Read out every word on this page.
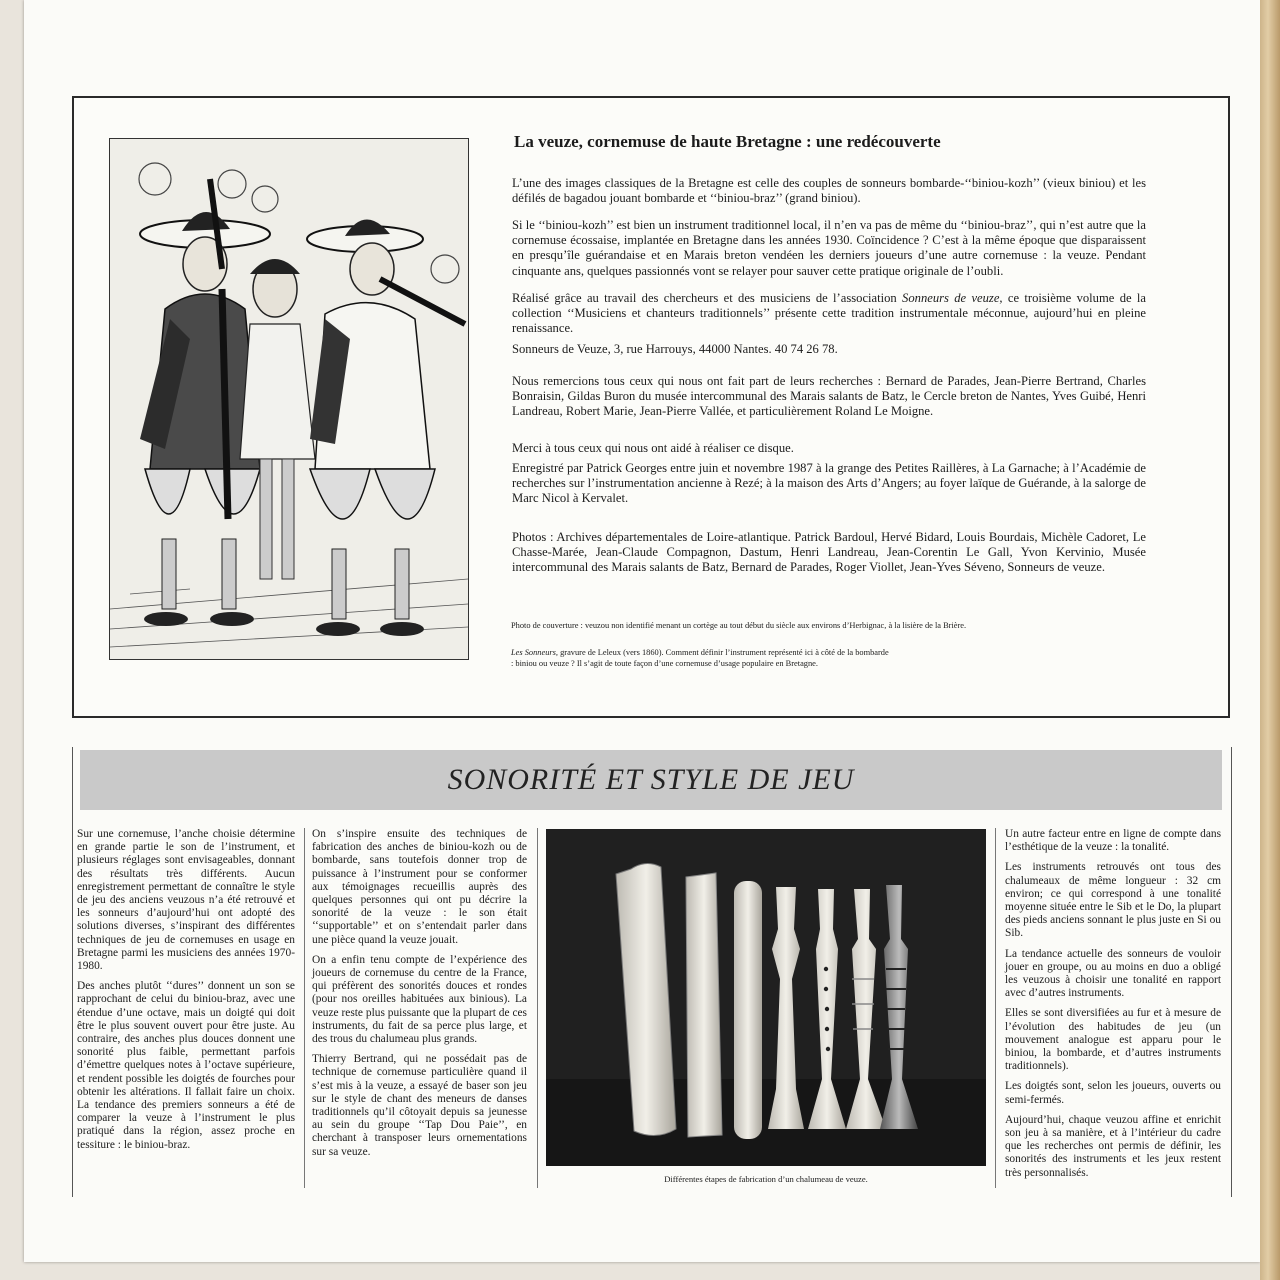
La veuze, cornemuse de haute Bretagne : une redécouverte

L’une des images classiques de la Bretagne est celle des couples de sonneurs bombarde-‘‘biniou-kozh’’ (vieux biniou) et les défilés de bagadou jouant bombarde et ‘‘biniou-braz’’ (grand biniou).

Si le ‘‘biniou-kozh’’ est bien un instrument traditionnel local, il n’en va pas de même du ‘‘biniou-braz’’, qui n’est autre que la cornemuse écossaise, implantée en Bretagne dans les années 1930. Coïncidence ? C’est à la même époque que disparaissent en presqu’île guérandaise et en Marais breton vendéen les derniers joueurs d’une autre cornemuse : la veuze. Pendant cinquante ans, quelques passionnés vont se relayer pour sauver cette pratique originale de l’oubli.

Réalisé grâce au travail des chercheurs et des musiciens de l’association Sonneurs de veuze, ce troisième volume de la collection ‘‘Musiciens et chanteurs traditionnels’’ présente cette tradition instrumentale méconnue, aujourd’hui en pleine renaissance.

Sonneurs de Veuze, 3, rue Harrouys, 44000 Nantes. 40 74 26 78.

Nous remercions tous ceux qui nous ont fait part de leurs recherches : Bernard de Parades, Jean-Pierre Bertrand, Charles Bonraisin, Gildas Buron du musée intercommunal des Marais salants de Batz, le Cercle breton de Nantes, Yves Guibé, Henri Landreau, Robert Marie, Jean-Pierre Vallée, et particulièrement Roland Le Moigne.

Merci à tous ceux qui nous ont aidé à réaliser ce disque.

Enregistré par Patrick Georges entre juin et novembre 1987 à la grange des Petites Raillères, à La Garnache; à l’Académie de recherches sur l’instrumentation ancienne à Rezé; à la maison des Arts d’Angers; au foyer laïque de Guérande, à la salorge de Marc Nicol à Kervalet.

Photos : Archives départementales de Loire-atlantique. Patrick Bardoul, Hervé Bidard, Louis Bourdais, Michèle Cadoret, Le Chasse-Marée, Jean-Claude Compagnon, Dastum, Henri Landreau, Jean-Corentin Le Gall, Yvon Kervinio, Musée intercommunal des Marais salants de Batz, Bernard de Parades, Roger Viollet, Jean-Yves Séveno, Sonneurs de veuze.

Photo de couverture : veuzou non identifié menant un cortège au tout début du siècle aux environs d’Herbignac, à la lisière de la Brière.

Les Sonneurs, gravure de Leleux (vers 1860). Comment définir l’instrument représenté ici à côté de la bombarde : biniou ou veuze ? Il s’agit de toute façon d’une cornemuse d’usage populaire en Bretagne.

SONORITÉ ET STYLE DE JEU

Sur une cornemuse, l’anche choisie détermine en grande partie le son de l’instrument, et plusieurs réglages sont envisageables, donnant des résultats très différents. Aucun enregistrement permettant de connaître le style de jeu des anciens veuzous n’a été retrouvé et les sonneurs d’aujourd’hui ont adopté des solutions diverses, s’inspirant des différentes techniques de jeu de cornemuses en usage en Bretagne parmi les musiciens des années 1970-1980.

Des anches plutôt ‘‘dures’’ donnent un son se rapprochant de celui du biniou-braz, avec une étendue d’une octave, mais un doigté qui doit être le plus souvent ouvert pour être juste. Au contraire, des anches plus douces donnent une sonorité plus faible, permettant parfois d’émettre quelques notes à l’octave supérieure, et rendent possible les doigtés de fourches pour obtenir les altérations. Il fallait faire un choix. La tendance des premiers sonneurs a été de comparer la veuze à l’instrument le plus pratiqué dans la région, assez proche en tessiture : le biniou-braz.

On s’inspire ensuite des techniques de fabrication des anches de biniou-kozh ou de bombarde, sans toutefois donner trop de puissance à l’instrument pour se conformer aux témoignages recueillis auprès des quelques personnes qui ont pu décrire la sonorité de la veuze : le son était ‘‘supportable’’ et on s’entendait parler dans une pièce quand la veuze jouait.

On a enfin tenu compte de l’expérience des joueurs de cornemuse du centre de la France, qui préfèrent des sonorités douces et rondes (pour nos oreilles habituées aux binious). La veuze reste plus puissante que la plupart de ces instruments, du fait de sa perce plus large, et des trous du chalumeau plus grands.

Thierry Bertrand, qui ne possédait pas de technique de cornemuse particulière quand il s’est mis à la veuze, a essayé de baser son jeu sur le style de chant des meneurs de danses traditionnels qu’il côtoyait depuis sa jeunesse au sein du groupe ‘‘Tap Dou Paie’’, en cherchant à transposer leurs ornementations sur sa veuze.

Différentes étapes de fabrication d’un chalumeau de veuze.

Un autre facteur entre en ligne de compte dans l’esthétique de la veuze : la tonalité.

Les instruments retrouvés ont tous des chalumeaux de même longueur : 32 cm environ; ce qui correspond à une tonalité moyenne située entre le Sib et le Do, la plupart des pieds anciens sonnant le plus juste en Si ou Sib.

La tendance actuelle des sonneurs de vouloir jouer en groupe, ou au moins en duo a obligé les veuzous à choisir une tonalité en rapport avec d’autres instruments.

Elles se sont diversifiées au fur et à mesure de l’évolution des habitudes de jeu (un mouvement analogue est apparu pour le biniou, la bombarde, et d’autres instruments traditionnels).

Les doigtés sont, selon les joueurs, ouverts ou semi-fermés.

Aujourd’hui, chaque veuzou affine et enrichit son jeu à sa manière, et à l’intérieur du cadre que les recherches ont permis de définir, les sonorités des instruments et les jeux restent très personnalisés.
